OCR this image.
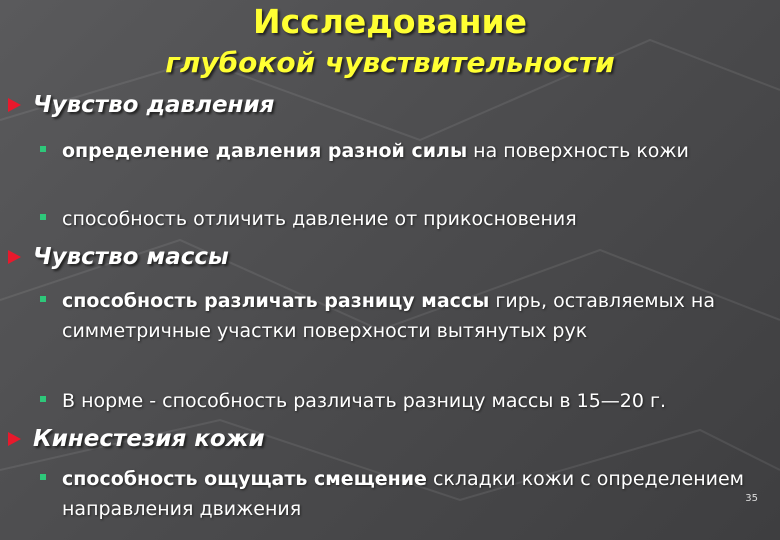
Исследование
глубокой чувствительности
Чувство давления
определение давления разной силы на поверхность кожи
способность отличить давление от прикосновения
Чувство массы
способность различать разницу массы гирь, оставляемых на симметричные участки поверхности вытянутых рук
В норме - способность различать разницу массы в 15—20 г.
Кинестезия кожи
способность ощущать смещение складки кожи с определением направления движения	35
